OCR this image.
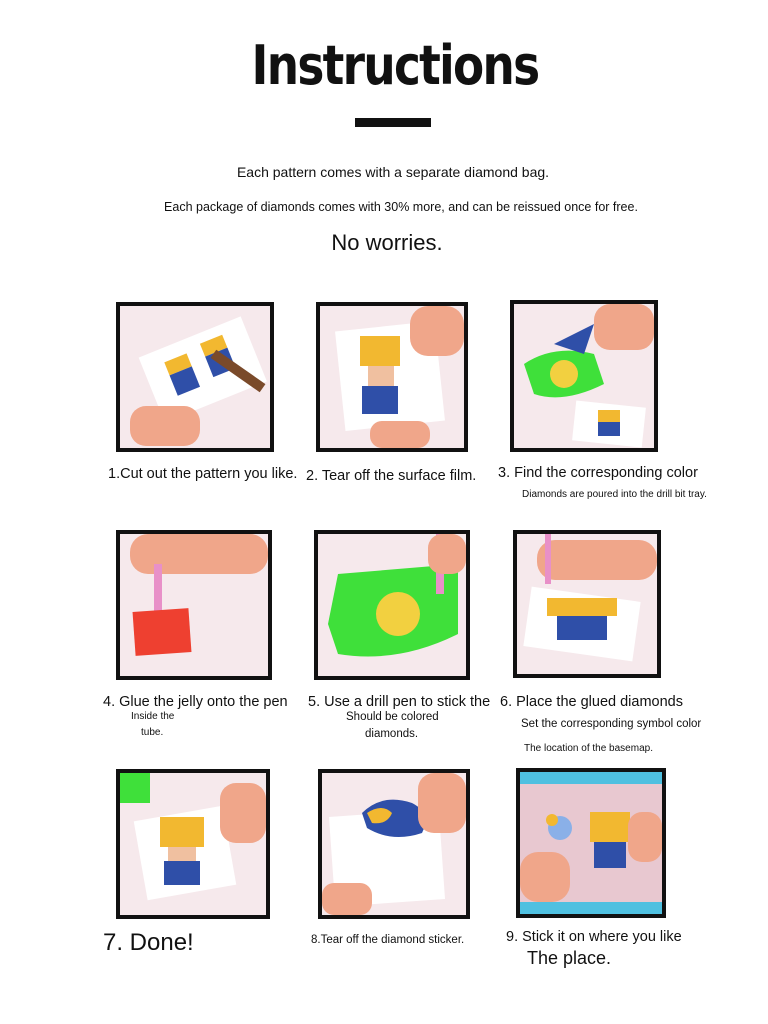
Instructions
Each pattern comes with a separate diamond bag.
Each package of diamonds comes with 30% more, and can be reissued once for free.
No worries.
1.Cut out the pattern you like. 2. Tear off the surface film. 3. Find the corresponding color
Diamonds are poured into the drill bit tray.
4. Glue the jelly onto the pen
Inside the
tube.
5. Use a drill pen to stick the
Should be colored
diamonds.
6. Place the glued diamonds
Set the corresponding symbol color
The location of the basemap.
7. Done!	8.Tear off the diamond sticker.	9. Stick it on where you like
The place.
